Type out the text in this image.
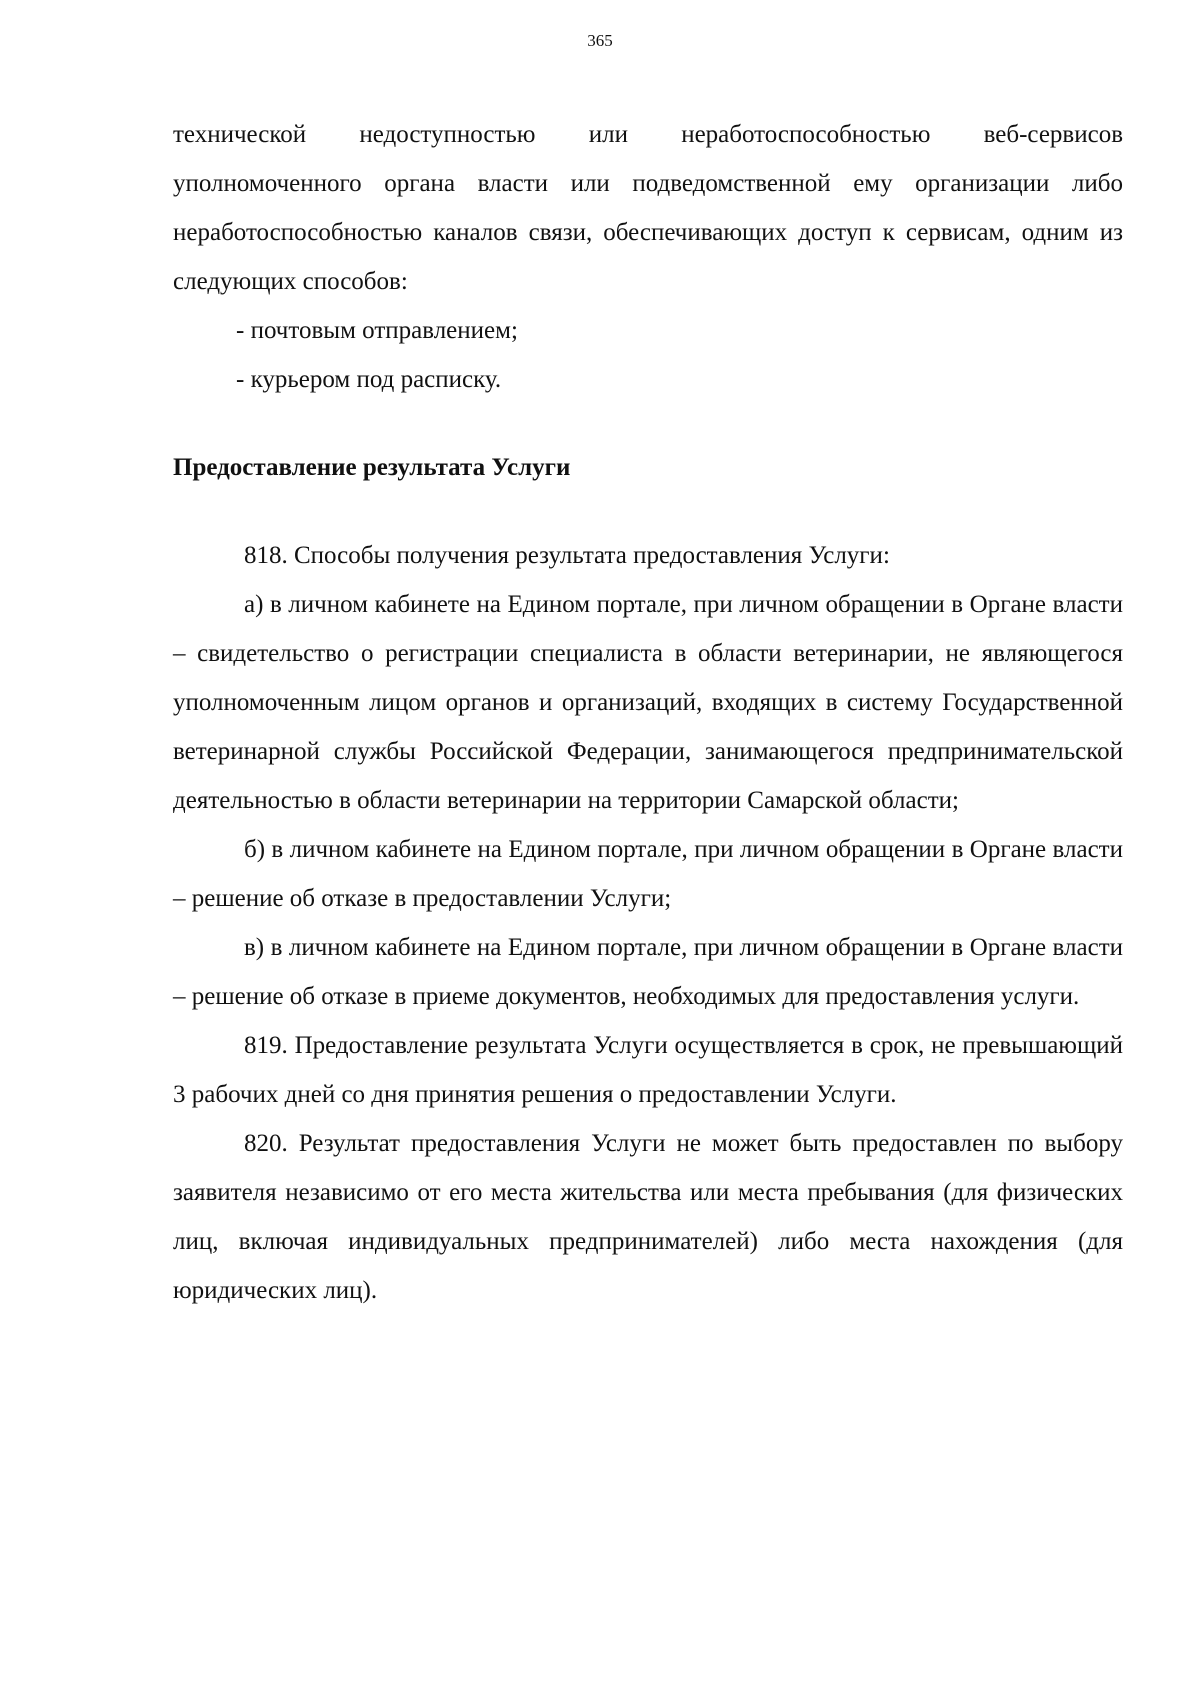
365

технической недоступностью или неработоспособностью веб-сервисов уполномоченного органа власти или подведомственной ему организации либо неработоспособностью каналов связи, обеспечивающих доступ к сервисам, одним из следующих способов:

- почтовым отправлением;

- курьером под расписку.

Предоставление результата Услуги

818. Способы получения результата предоставления Услуги:

а) в личном кабинете на Едином портале, при личном обращении в Органе власти – свидетельство о регистрации специалиста в области ветеринарии, не являющегося уполномоченным лицом органов и организаций, входящих в систему Государственной ветеринарной службы Российской Федерации, занимающегося предпринимательской деятельностью в области ветеринарии на территории Самарской области;

б) в личном кабинете на Едином портале, при личном обращении в Органе власти – решение об отказе в предоставлении Услуги;

в) в личном кабинете на Едином портале, при личном обращении в Органе власти – решение об отказе в приеме документов, необходимых для предоставления услуги.

819. Предоставление результата Услуги осуществляется в срок, не превышающий 3 рабочих дней со дня принятия решения о предоставлении Услуги.

820. Результат предоставления Услуги не может быть предоставлен по выбору заявителя независимо от его места жительства или места пребывания (для физических лиц, включая индивидуальных предпринимателей) либо места нахождения (для юридических лиц).
